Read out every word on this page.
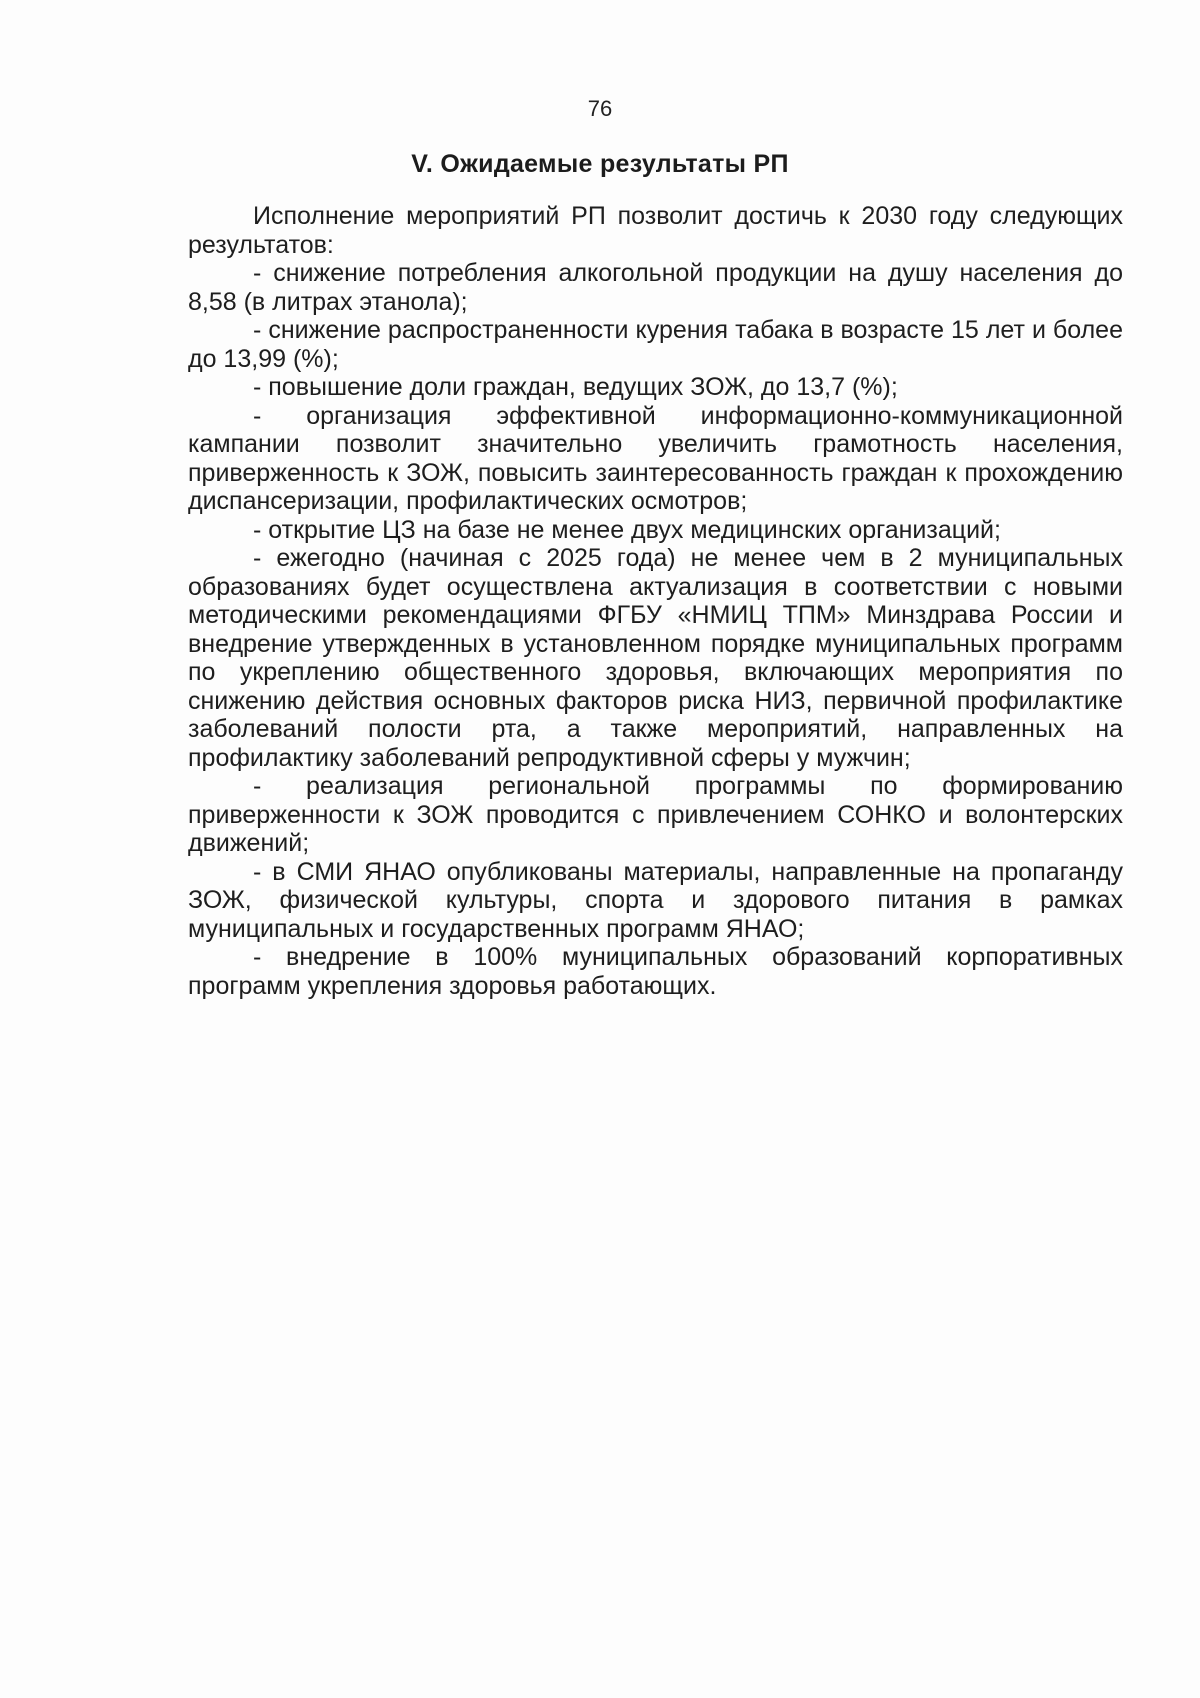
76
V. Ожидаемые результаты РП

Исполнение мероприятий РП позволит достичь к 2030 году следующих результатов:

- снижение потребления алкогольной продукции на душу населения до 8,58 (в литрах этанола);

- снижение распространенности курения табака в возрасте 15 лет и более до 13,99 (%);

- повышение доли граждан, ведущих ЗОЖ, до 13,7 (%);

- организация эффективной информационно-коммуникационной кампании позволит значительно увеличить грамотность населения, приверженность к ЗОЖ, повысить заинтересованность граждан к прохождению диспансеризации, профилактических осмотров;

- открытие ЦЗ на базе не менее двух медицинских организаций;

- ежегодно (начиная с 2025 года) не менее чем в 2 муниципальных образованиях будет осуществлена актуализация в соответствии с новыми методическими рекомендациями ФГБУ «НМИЦ ТПМ» Минздрава России и внедрение утвержденных в установленном порядке муниципальных программ по укреплению общественного здоровья, включающих мероприятия по снижению действия основных факторов риска НИЗ, первичной профилактике заболеваний полости рта, а также мероприятий, направленных на профилактику заболеваний репродуктивной сферы у мужчин;

- реализация региональной программы по формированию приверженности к ЗОЖ проводится с привлечением СОНКО и волонтерских движений;

- в СМИ ЯНАО опубликованы материалы, направленные на пропаганду ЗОЖ, физической культуры, спорта и здорового питания в рамках муниципальных и государственных программ ЯНАО;

- внедрение в 100% муниципальных образований корпоративных программ укрепления здоровья работающих.
